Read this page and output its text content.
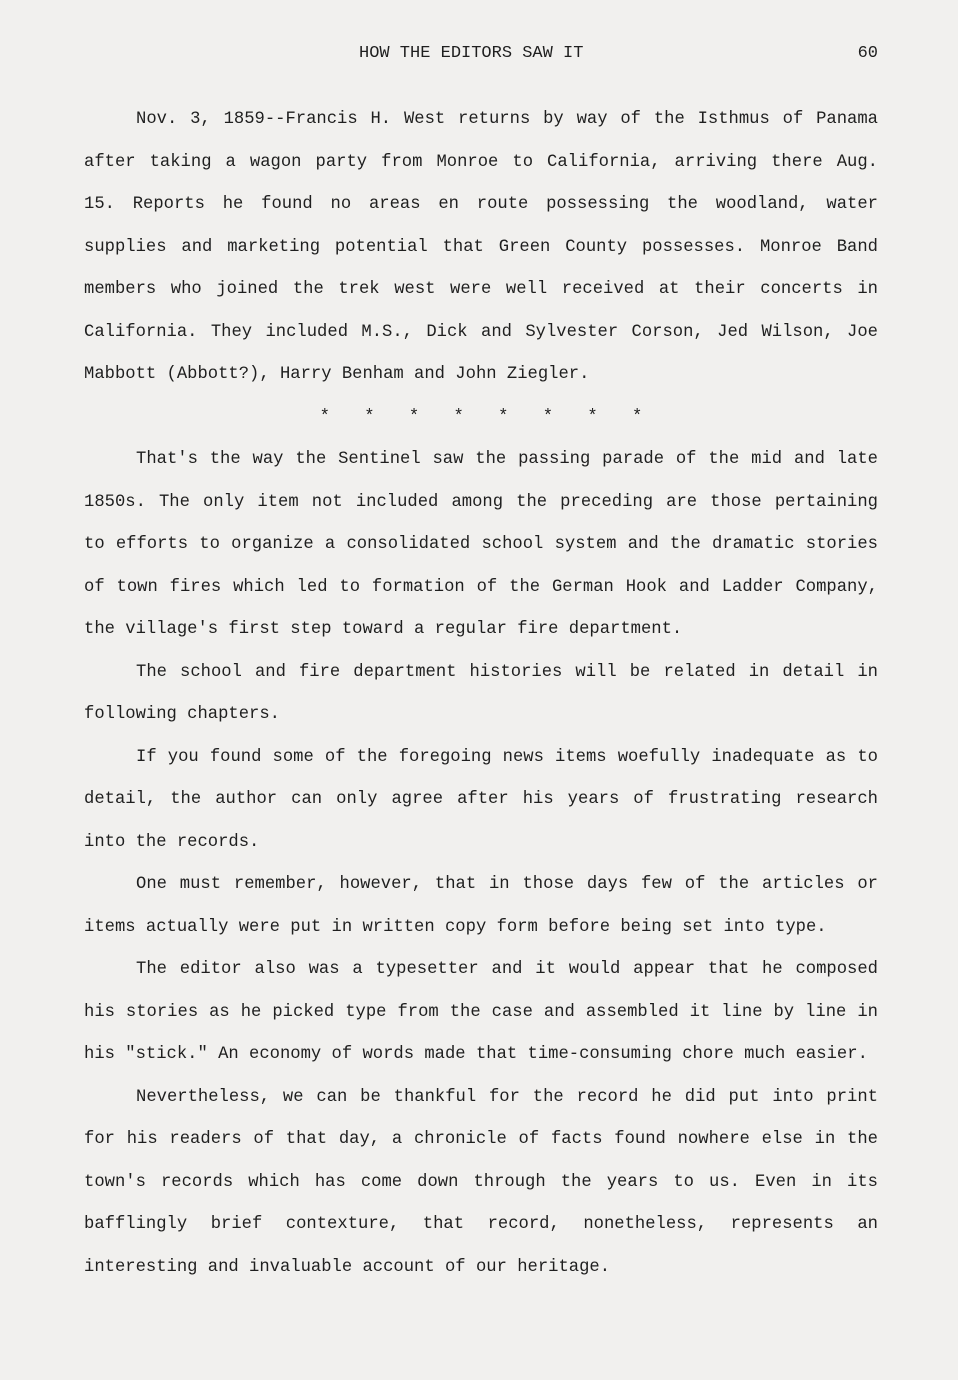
HOW THE EDITORS SAW IT	60

Nov. 3, 1859--Francis H. West returns by way of the Isthmus of Panama after taking a wagon party from Monroe to California, arriving there Aug. 15. Reports he found no areas en route possessing the woodland, water supplies and marketing potential that Green County possesses. Monroe Band members who joined the trek west were well received at their concerts in California. They included M.S., Dick and Sylvester Corson, Jed Wilson, Joe Mabbott (Abbott?), Harry Benham and John Ziegler.

* * * * * * * *

That's the way the Sentinel saw the passing parade of the mid and late 1850s. The only item not included among the preceding are those pertaining to efforts to organize a consolidated school system and the dramatic stories of town fires which led to formation of the German Hook and Ladder Company, the village's first step toward a regular fire department.

The school and fire department histories will be related in detail in following chapters.

If you found some of the foregoing news items woefully inadequate as to detail, the author can only agree after his years of frustrating research into the records.

One must remember, however, that in those days few of the articles or items actually were put in written copy form before being set into type.

The editor also was a typesetter and it would appear that he composed his stories as he picked type from the case and assembled it line by line in his "stick." An economy of words made that time-consuming chore much easier.

Nevertheless, we can be thankful for the record he did put into print for his readers of that day, a chronicle of facts found nowhere else in the town's records which has come down through the years to us. Even in its bafflingly brief contexture, that record, nonetheless, represents an interesting and invaluable account of our heritage.
